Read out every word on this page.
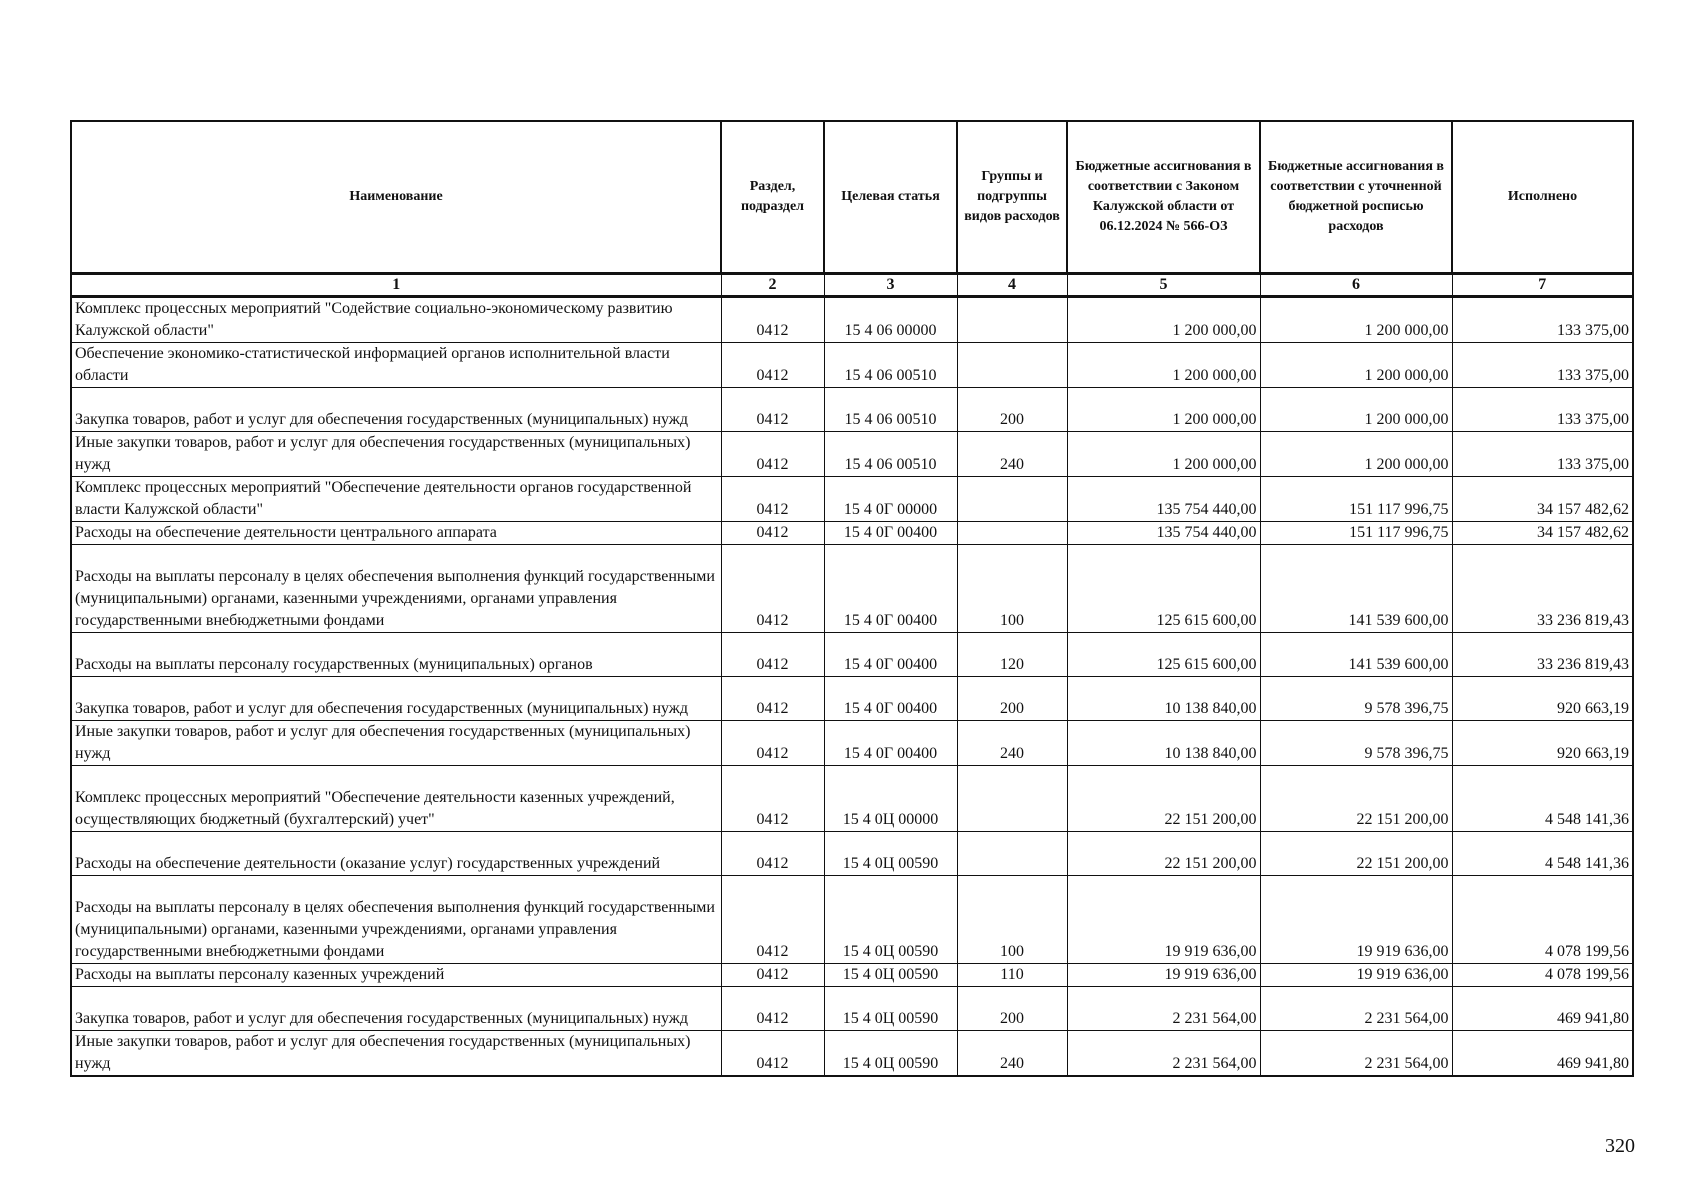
Наименование	Раздел, подраздел	Целевая статья	Группы и подгруппы видов расходов	Бюджетные ассигнования в соответствии с Законом Калужской области от 06.12.2024 № 566-ОЗ	Бюджетные ассигнования в соответствии с уточненной бюджетной росписью расходов	Исполнено
1	2	3	4	5	6	7
Комплекс процессных мероприятий "Содействие социально-экономическому развитию Калужской области"	0412	15 4 06 00000		1 200 000,00	1 200 000,00	133 375,00
Обеспечение экономико-статистической информацией органов исполнительной власти области	0412	15 4 06 00510		1 200 000,00	1 200 000,00	133 375,00
Закупка товаров, работ и услуг для обеспечения государственных (муниципальных) нужд	0412	15 4 06 00510	200	1 200 000,00	1 200 000,00	133 375,00
Иные закупки товаров, работ и услуг для обеспечения государственных (муниципальных) нужд	0412	15 4 06 00510	240	1 200 000,00	1 200 000,00	133 375,00
Комплекс процессных мероприятий "Обеспечение деятельности органов государственной власти Калужской области"	0412	15 4 0Г 00000		135 754 440,00	151 117 996,75	34 157 482,62
Расходы на обеспечение деятельности центрального аппарата	0412	15 4 0Г 00400		135 754 440,00	151 117 996,75	34 157 482,62
Расходы на выплаты персоналу в целях обеспечения выполнения функций государственными (муниципальными) органами, казенными учреждениями, органами управления государственными внебюджетными фондами	0412	15 4 0Г 00400	100	125 615 600,00	141 539 600,00	33 236 819,43
Расходы на выплаты персоналу государственных (муниципальных) органов	0412	15 4 0Г 00400	120	125 615 600,00	141 539 600,00	33 236 819,43
Закупка товаров, работ и услуг для обеспечения государственных (муниципальных) нужд	0412	15 4 0Г 00400	200	10 138 840,00	9 578 396,75	920 663,19
Иные закупки товаров, работ и услуг для обеспечения государственных (муниципальных) нужд	0412	15 4 0Г 00400	240	10 138 840,00	9 578 396,75	920 663,19
Комплекс процессных мероприятий "Обеспечение деятельности казенных учреждений, осуществляющих бюджетный (бухгалтерский) учет"	0412	15 4 0Ц 00000		22 151 200,00	22 151 200,00	4 548 141,36
Расходы на обеспечение деятельности (оказание услуг) государственных учреждений	0412	15 4 0Ц 00590		22 151 200,00	22 151 200,00	4 548 141,36
Расходы на выплаты персоналу в целях обеспечения выполнения функций государственными (муниципальными) органами, казенными учреждениями, органами управления государственными внебюджетными фондами	0412	15 4 0Ц 00590	100	19 919 636,00	19 919 636,00	4 078 199,56
Расходы на выплаты персоналу казенных учреждений	0412	15 4 0Ц 00590	110	19 919 636,00	19 919 636,00	4 078 199,56
Закупка товаров, работ и услуг для обеспечения государственных (муниципальных) нужд	0412	15 4 0Ц 00590	200	2 231 564,00	2 231 564,00	469 941,80
Иные закупки товаров, работ и услуг для обеспечения государственных (муниципальных) нужд	0412	15 4 0Ц 00590	240	2 231 564,00	2 231 564,00	469 941,80
320
